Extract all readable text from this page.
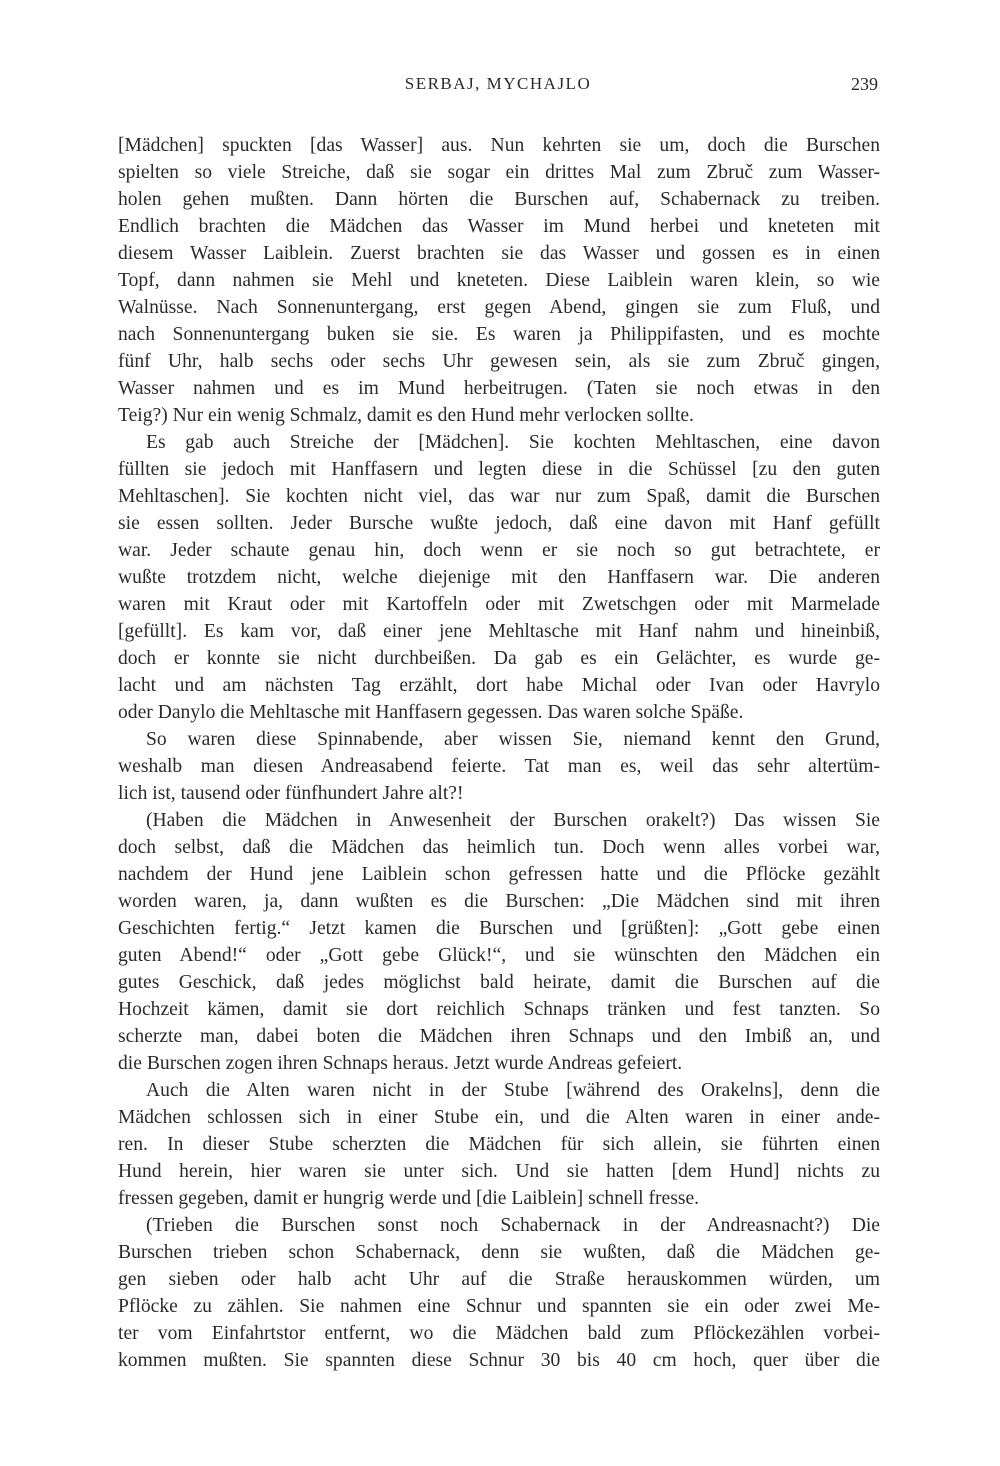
SERBAJ, MYCHAJLO	239
[Mädchen] spuckten [das Wasser] aus. Nun kehrten sie um, doch die Burschen
spielten so viele Streiche, daß sie sogar ein drittes Mal zum Zbruč zum Wasser-
holen gehen mußten. Dann hörten die Burschen auf, Schabernack zu treiben.
Endlich brachten die Mädchen das Wasser im Mund herbei und kneteten mit
diesem Wasser Laiblein. Zuerst brachten sie das Wasser und gossen es in einen
Topf, dann nahmen sie Mehl und kneteten. Diese Laiblein waren klein, so wie
Walnüsse. Nach Sonnenuntergang, erst gegen Abend, gingen sie zum Fluß, und
nach Sonnenuntergang buken sie sie. Es waren ja Philippifasten, und es mochte
fünf Uhr, halb sechs oder sechs Uhr gewesen sein, als sie zum Zbruč gingen,
Wasser nahmen und es im Mund herbeitrugen. (Taten sie noch etwas in den
Teig?) Nur ein wenig Schmalz, damit es den Hund mehr verlocken sollte.
Es gab auch Streiche der [Mädchen]. Sie kochten Mehltaschen, eine davon
füllten sie jedoch mit Hanffasern und legten diese in die Schüssel [zu den guten
Mehltaschen]. Sie kochten nicht viel, das war nur zum Spaß, damit die Burschen
sie essen sollten. Jeder Bursche wußte jedoch, daß eine davon mit Hanf gefüllt
war. Jeder schaute genau hin, doch wenn er sie noch so gut betrachtete, er
wußte trotzdem nicht, welche diejenige mit den Hanffasern war. Die anderen
waren mit Kraut oder mit Kartoffeln oder mit Zwetschgen oder mit Marmelade
[gefüllt]. Es kam vor, daß einer jene Mehltasche mit Hanf nahm und hineinbiß,
doch er konnte sie nicht durchbeißen. Da gab es ein Gelächter, es wurde ge-
lacht und am nächsten Tag erzählt, dort habe Michal oder Ivan oder Havrylo
oder Danylo die Mehltasche mit Hanffasern gegessen. Das waren solche Späße.
So waren diese Spinnabende, aber wissen Sie, niemand kennt den Grund,
weshalb man diesen Andreasabend feierte. Tat man es, weil das sehr altertüm-
lich ist, tausend oder fünfhundert Jahre alt?!
(Haben die Mädchen in Anwesenheit der Burschen orakelt?) Das wissen Sie
doch selbst, daß die Mädchen das heimlich tun. Doch wenn alles vorbei war,
nachdem der Hund jene Laiblein schon gefressen hatte und die Pflöcke gezählt
worden waren, ja, dann wußten es die Burschen: „Die Mädchen sind mit ihren
Geschichten fertig.“ Jetzt kamen die Burschen und [grüßten]: „Gott gebe einen
guten Abend!“ oder „Gott gebe Glück!“, und sie wünschten den Mädchen ein
gutes Geschick, daß jedes möglichst bald heirate, damit die Burschen auf die
Hochzeit kämen, damit sie dort reichlich Schnaps tränken und fest tanzten. So
scherzte man, dabei boten die Mädchen ihren Schnaps und den Imbiß an, und
die Burschen zogen ihren Schnaps heraus. Jetzt wurde Andreas gefeiert.
Auch die Alten waren nicht in der Stube [während des Orakelns], denn die
Mädchen schlossen sich in einer Stube ein, und die Alten waren in einer ande-
ren. In dieser Stube scherzten die Mädchen für sich allein, sie führten einen
Hund herein, hier waren sie unter sich. Und sie hatten [dem Hund] nichts zu
fressen gegeben, damit er hungrig werde und [die Laiblein] schnell fresse.
(Trieben die Burschen sonst noch Schabernack in der Andreasnacht?) Die
Burschen trieben schon Schabernack, denn sie wußten, daß die Mädchen ge-
gen sieben oder halb acht Uhr auf die Straße herauskommen würden, um
Pflöcke zu zählen. Sie nahmen eine Schnur und spannten sie ein oder zwei Me-
ter vom Einfahrtstor entfernt, wo die Mädchen bald zum Pflöckezählen vorbei-
kommen mußten. Sie spannten diese Schnur 30 bis 40 cm hoch, quer über die
